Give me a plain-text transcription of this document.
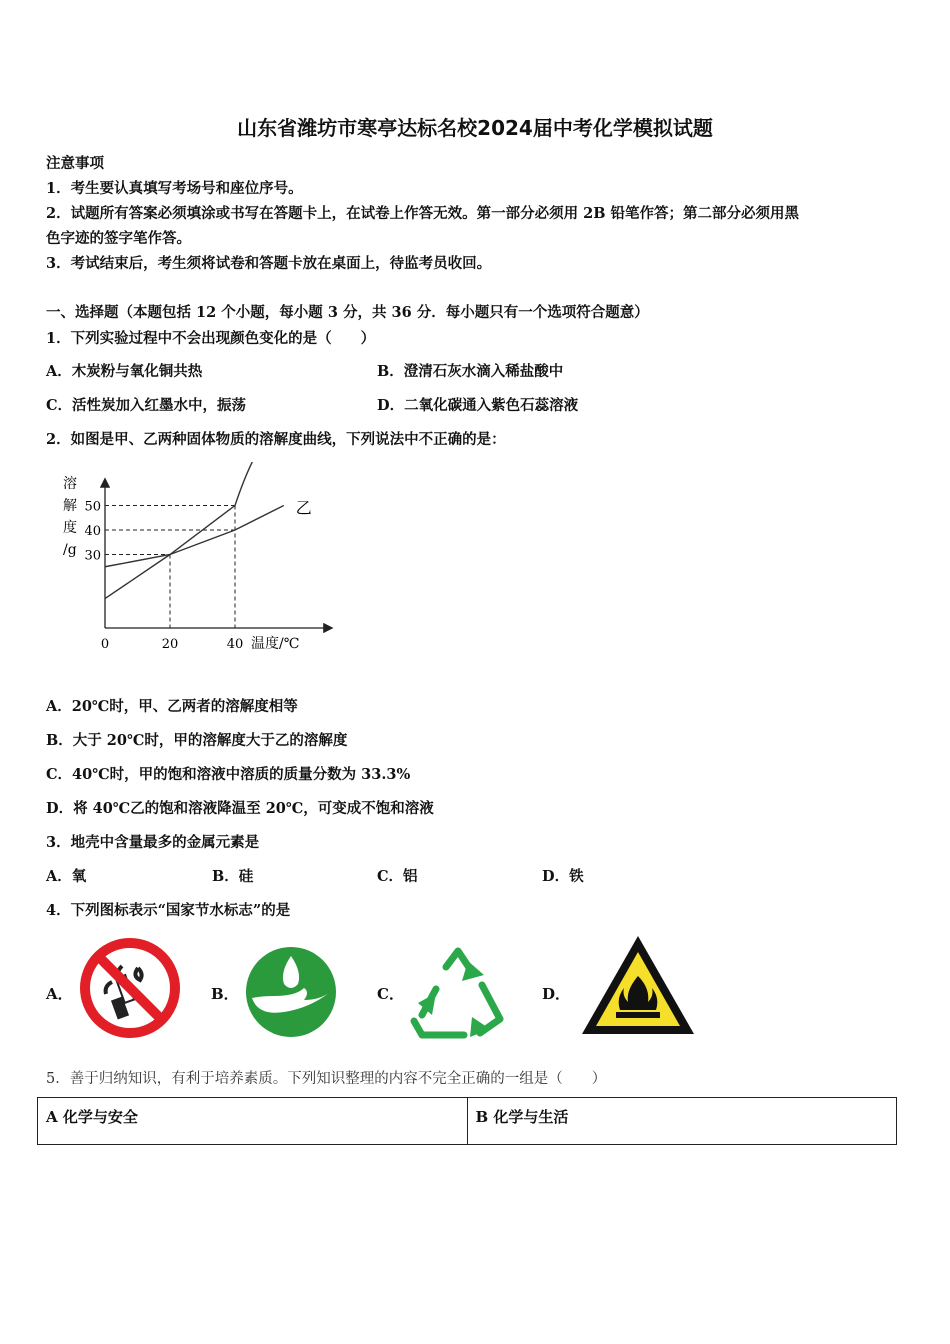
山东省潍坊市寒亭达标名校2024届中考化学模拟试题
注意事项
1．考生要认真填写考场号和座位序号。
2．试题所有答案必须填涂或书写在答题卡上，在试卷上作答无效。第一部分必须用 2B 铅笔作答；第二部分必须用黑
色字迹的签字笔作答。
3．考试结束后，考生须将试卷和答题卡放在桌面上，待监考员收回。
一、选择题（本题包括 12 个小题，每小题 3 分，共 36 分．每小题只有一个选项符合题意）
1．下列实验过程中不会出现颜色变化的是（　　）
A．木炭粉与氧化铜共热	B．澄清石灰水滴入稀盐酸中
C．活性炭加入红墨水中，振荡	D．二氧化碳通入紫色石蕊溶液
2．如图是甲、乙两种固体物质的溶解度曲线，下列说法中不正确的是：
溶
解
度
/g
温度/℃
0	20	40
30
40
50	乙
A．20℃时，甲、乙两者的溶解度相等
B．大于 20℃时，甲的溶解度大于乙的溶解度
C．40℃时，甲的饱和溶液中溶质的质量分数为 33.3%
D．将 40℃乙的饱和溶液降温至 20℃，可变成不饱和溶液
3．地壳中含量最多的金属元素是
A．氧	B．硅	C．铝	D．铁
4．下列图标表示“国家节水标志”的是
A．	B．	C．	D．
5．善于归纳知识，有利于培养素质。下列知识整理的内容不完全正确的一组是（　　）
A 化学与安全	B 化学与生活
